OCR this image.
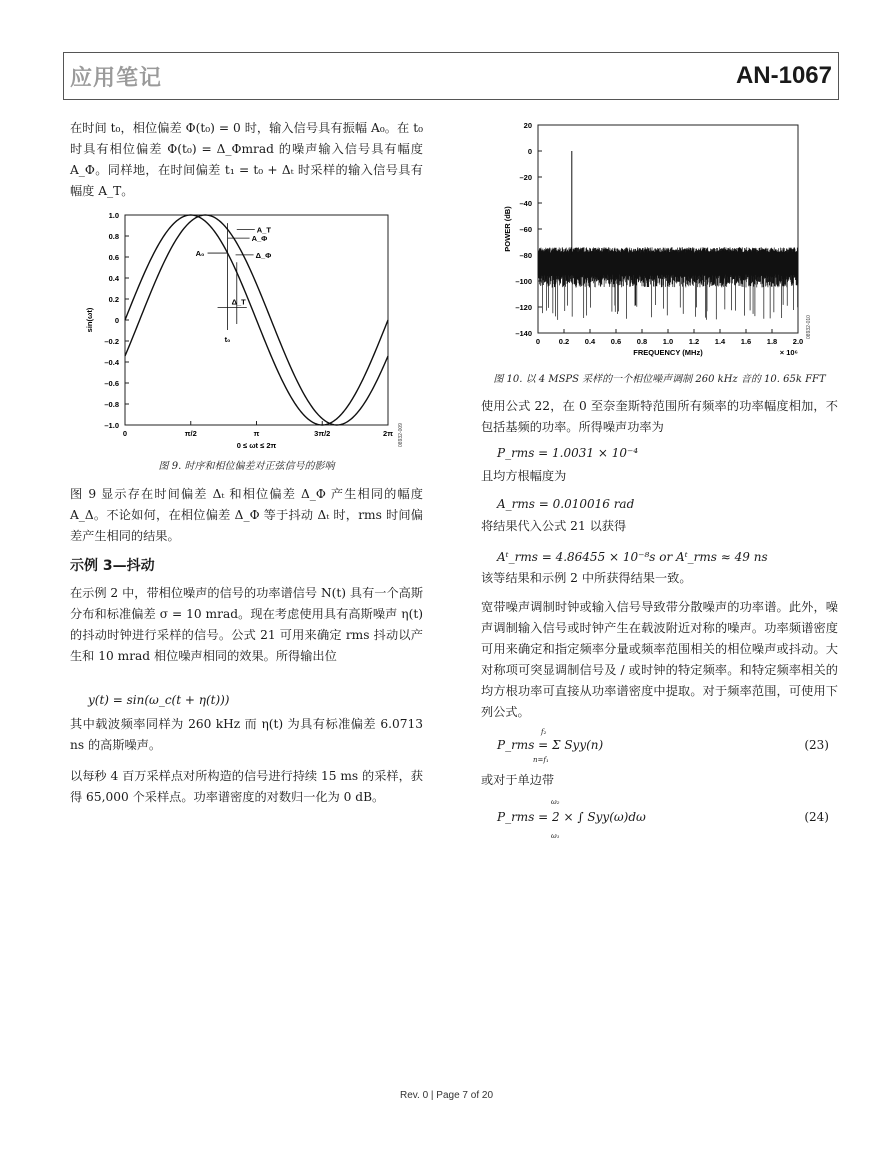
应用笔记	AN-1067

在时间 t₀，相位偏差 Φ(t₀) = 0 时，输入信号具有振幅 A₀。在 t₀ 时具有相位偏差 Φ(t₀) = Δ_Φmrad 的噪声输入信号具有幅度 A_Φ。同样地，在时间偏差 t₁ = t₀ + Δₜ 时采样的输入信号具有幅度 A_T。

1.0
0.8
0.6
0.4
0.2
0
–0.2
–0.4
–0.6
–0.8
–1.0
0	π/2	π	3π/2	2π
0 ≤ ωt ≤ 2π
sin(ωt)
08932-009
A₀
A_Φ
Δ_Φ
Δ_T
A_T
t₀
图 9. 时序和相位偏差对正弦信号的影响

图 9 显示存在时间偏差 Δₜ 和相位偏差 Δ_Φ 产生相同的幅度 A_Δ。不论如何，在相位偏差 Δ_Φ 等于抖动 Δₜ 时，rms 时间偏差产生相同的结果。

示例 3—抖动

在示例 2 中，带相位噪声的信号的功率谱信号 N(t) 具有一个高斯分布和标准偏差 σ = 10 mrad。现在考虑使用具有高斯噪声 η(t) 的抖动时钟进行采样的信号。公式 21 可用来确定 rms 抖动以产生和 10 mrad 相位噪声相同的效果。所得输出位

y(t) = sin(ω_c(t + η(t)))

其中载波频率同样为 260 kHz 而 η(t) 为具有标准偏差 6.0713 ns 的高斯噪声。

以每秒 4 百万采样点对所构造的信号进行持续 15 ms 的采样，获得 65,000 个采样点。功率谱密度的对数归一化为 0 dB。

20
0
–20
–40
–60
–80
–100
–120
–140
0 0.2 0.4 0.6 0.8 1.0 1.2 1.4 1.6 1.8 2.0
FREQUENCY (MHz)	× 10⁶
POWER (dB)
08932-010
图 10. 以 4 MSPS 采样的一个相位噪声调制 260 kHz 音的 10. 65k FFT

使用公式 22，在 0 至奈奎斯特范围所有频率的功率幅度相加，不包括基频的功率。所得噪声功率为

P_rms = 1.0031 × 10⁻⁴

且均方根幅度为

A_rms = 0.010016 rad

将结果代入公式 21 以获得

Aᵗ_rms = 4.86455 × 10⁻⁸s or Aᵗ_rms ≈ 49 ns

该等结果和示例 2 中所获得结果一致。

宽带噪声调制时钟或输入信号导致带分散噪声的功率谱。此外，噪声调制输入信号或时钟产生在载波附近对称的噪声。功率频谱密度可用来确定和指定频率分量或频率范围相关的相位噪声或抖动。大对称项可突显调制信号及 / 或时钟的特定频率。和特定频率相关的均方根功率可直接从功率谱密度中提取。对于频率范围，可使用下列公式。

P_rms = Σ Syy(n)
f₂
n=f₁
(23)

或对于单边带

P_rms = 2 × ∫ Syy(ω)dω
ω₂
ω₁
(24)
Rev. 0 | Page 7 of 20
